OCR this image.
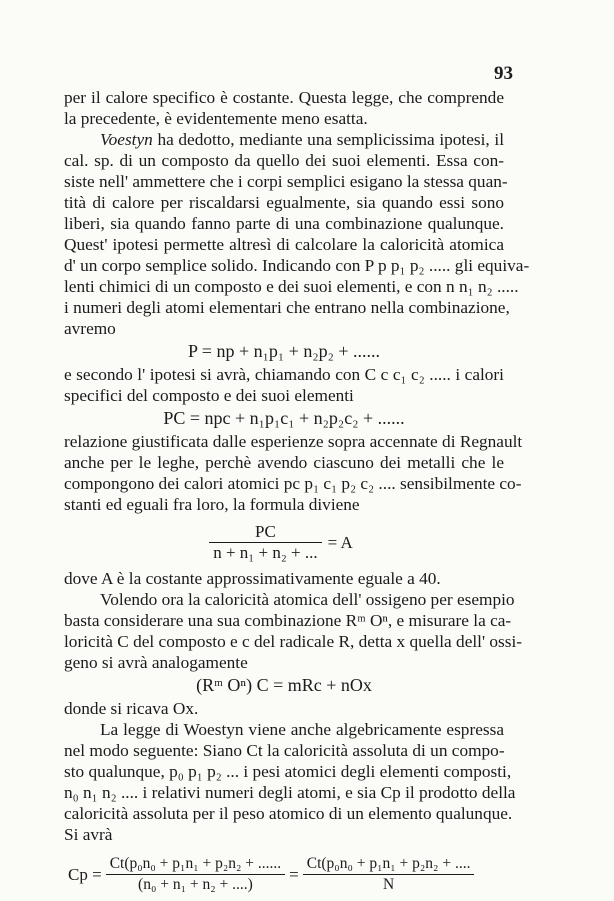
93
per il calore specifico è costante. Questa legge, che comprende
la precedente, è evidentemente meno esatta.
Voestyn ha dedotto, mediante una semplicissima ipotesi, il
cal. sp. di un composto da quello dei suoi elementi. Essa con-
siste nell' ammettere che i corpi semplici esigano la stessa quan-
tità di calore per riscaldarsi egualmente, sia quando essi sono
liberi, sia quando fanno parte di una combinazione qualunque.
Quest' ipotesi permette altresì di calcolare la caloricità atomica
d' un corpo semplice solido. Indicando con P p p₁ p₂ ..... gli equiva-
lenti chimici di un composto e dei suoi elementi, e con n n₁ n₂ .....
i numeri degli atomi elementari che entrano nella combinazione,
avremo
P = np + n₁p₁ + n₂p₂ + ......
e secondo l' ipotesi si avrà, chiamando con C c c₁ c₂ ..... i calori
specifici del composto e dei suoi elementi
PC = npc + n₁p₁c₁ + n₂p₂c₂ + ......
relazione giustificata dalle esperienze sopra accennate di Regnault
anche per le leghe, perchè avendo ciascuno dei metalli che le
compongono dei calori atomici pc p₁ c₁ p₂ c₂ .... sensibilmente co-
stanti ed eguali fra loro, la formula diviene
$\frac{PC}{\text{n + n₁ + n₂ + ...}} = A$
dove A è la costante approssimativamente eguale a 40.
Volendo ora la caloricità atomica dell' ossigeno per esempio
basta considerare una sua combinazione Rᵐ Oⁿ, e misurare la ca-
loricità C del composto e c del radicale R, detta x quella dell' ossi-
geno si avrà analogamente
(Rᵐ Oⁿ) C = mRc + nOx
donde si ricava Ox.
La legge di Woestyn viene anche algebricamente espressa
nel modo seguente: Siano Ct la caloricità assoluta di un compo-
sto qualunque, p₀ p₁ p₂ ... i pesi atomici degli elementi composti,
n₀ n₁ n₂ .... i relativi numeri degli atomi, e sia Cp il prodotto della
caloricità assoluta per il peso atomico di un elemento qualunque.
Si avrà
$Cp = \frac{\text{Ct(p₀n₀ + p₁n₁ + p₂n₂ + ......}}{\text{(n₀ + n₁ + n₂ + ....)}} = \frac{\text{Ct(p₀n₀ + p₁n₁ + p₂n₂ + ....}}{N}$
